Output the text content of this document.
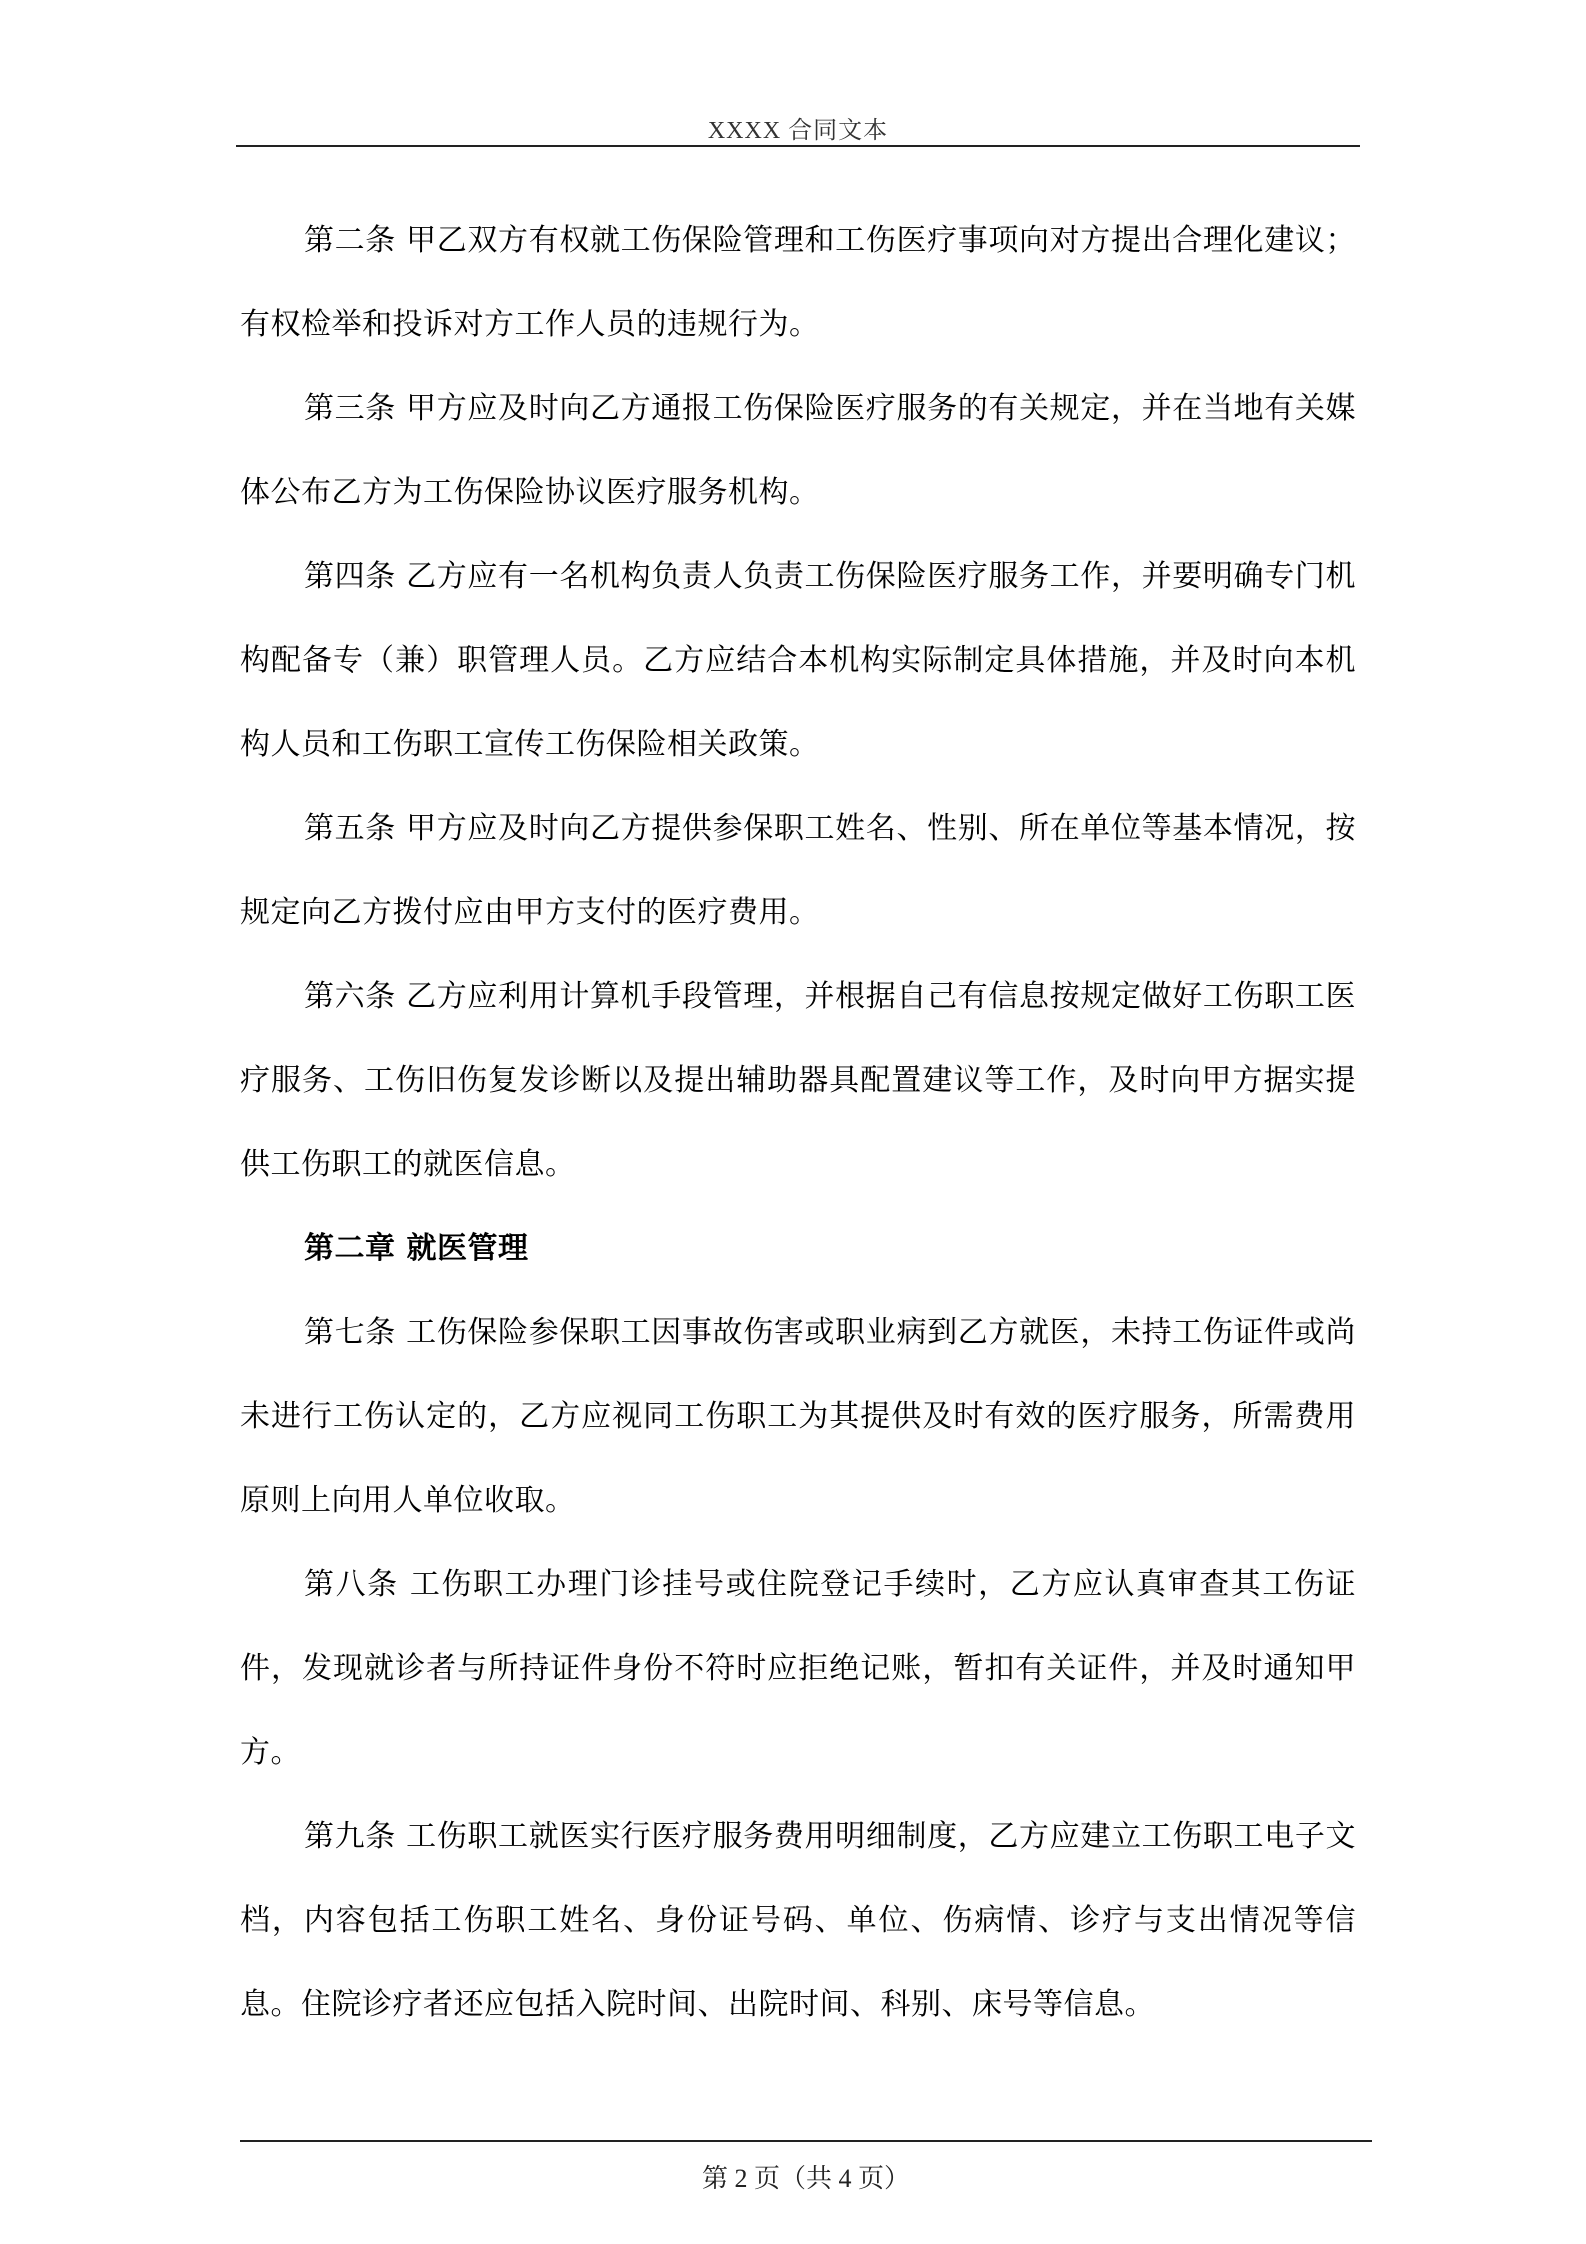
XXXX 合同文本

第二条 甲乙双方有权就工伤保险管理和工伤医疗事项向对方提出合理化建议；有权检举和投诉对方工作人员的违规行为。

第三条 甲方应及时向乙方通报工伤保险医疗服务的有关规定，并在当地有关媒体公布乙方为工伤保险协议医疗服务机构。

第四条 乙方应有一名机构负责人负责工伤保险医疗服务工作，并要明确专门机构配备专（兼）职管理人员。乙方应结合本机构实际制定具体措施，并及时向本机构人员和工伤职工宣传工伤保险相关政策。

第五条 甲方应及时向乙方提供参保职工姓名、性别、所在单位等基本情况，按规定向乙方拨付应由甲方支付的医疗费用。

第六条 乙方应利用计算机手段管理，并根据自己有信息按规定做好工伤职工医疗服务、工伤旧伤复发诊断以及提出辅助器具配置建议等工作，及时向甲方据实提供工伤职工的就医信息。

第二章 就医管理

第七条 工伤保险参保职工因事故伤害或职业病到乙方就医，未持工伤证件或尚未进行工伤认定的，乙方应视同工伤职工为其提供及时有效的医疗服务，所需费用原则上向用人单位收取。

第八条 工伤职工办理门诊挂号或住院登记手续时，乙方应认真审查其工伤证件，发现就诊者与所持证件身份不符时应拒绝记账，暂扣有关证件，并及时通知甲方。

第九条 工伤职工就医实行医疗服务费用明细制度，乙方应建立工伤职工电子文档，内容包括工伤职工姓名、身份证号码、单位、伤病情、诊疗与支出情况等信息。住院诊疗者还应包括入院时间、出院时间、科别、床号等信息。

第 2 页（共 4 页）
